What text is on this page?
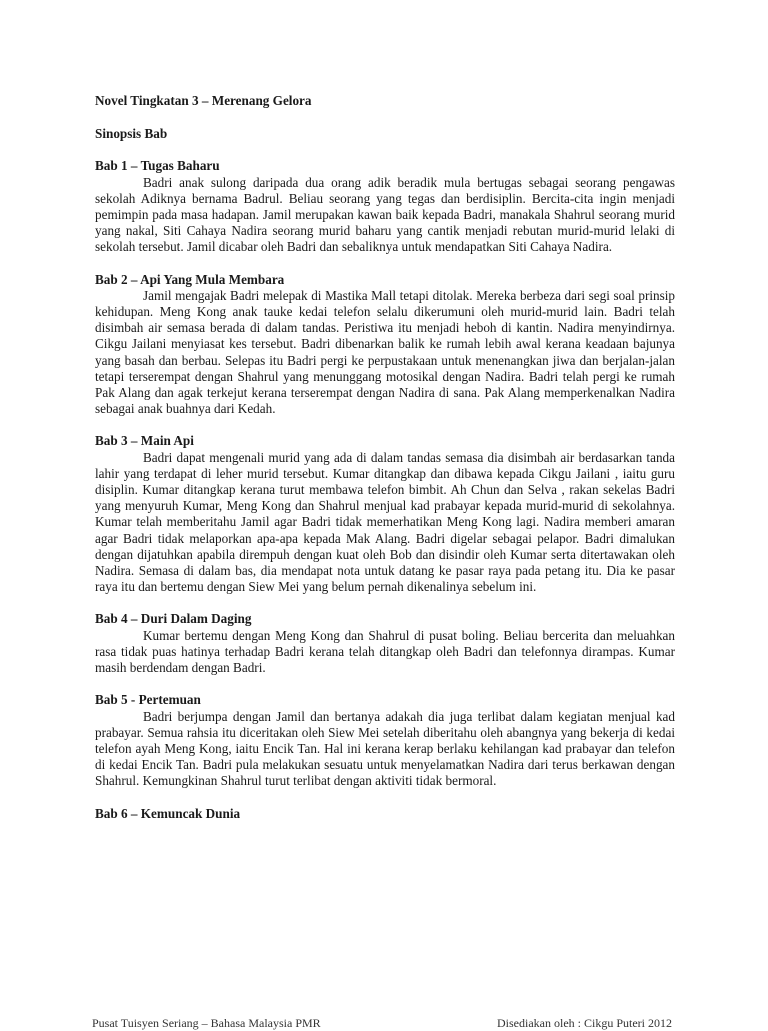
Novel Tingkatan 3 – Merenang Gelora

Sinopsis Bab

Bab 1 – Tugas Baharu

Badri anak sulong daripada dua orang adik beradik mula bertugas sebagai seorang pengawas sekolah Adiknya bernama Badrul. Beliau seorang yang tegas dan berdisiplin. Bercita-cita ingin menjadi pemimpin pada masa hadapan. Jamil merupakan kawan baik kepada Badri, manakala Shahrul seorang murid yang nakal, Siti Cahaya Nadira seorang murid baharu yang cantik menjadi rebutan murid-murid lelaki di sekolah tersebut. Jamil dicabar oleh Badri dan sebaliknya untuk mendapatkan Siti Cahaya Nadira.

Bab 2 – Api Yang Mula Membara

Jamil mengajak Badri melepak di Mastika Mall tetapi ditolak. Mereka berbeza dari segi soal prinsip kehidupan. Meng Kong anak tauke kedai telefon selalu dikerumuni oleh murid-murid lain. Badri telah disimbah air semasa berada di dalam tandas. Peristiwa itu menjadi heboh di kantin. Nadira menyindirnya. Cikgu Jailani menyiasat kes tersebut. Badri dibenarkan balik ke rumah lebih awal kerana keadaan bajunya yang basah dan berbau. Selepas itu Badri pergi ke perpustakaan untuk menenangkan jiwa dan berjalan-jalan tetapi terserempat dengan Shahrul yang menunggang motosikal dengan Nadira. Badri telah pergi ke rumah Pak Alang dan agak terkejut kerana terserempat dengan Nadira di sana. Pak Alang memperkenalkan Nadira sebagai anak buahnya dari Kedah.

Bab 3 – Main Api

Badri dapat mengenali murid yang ada di dalam tandas semasa dia disimbah air berdasarkan tanda lahir yang terdapat di leher murid tersebut. Kumar ditangkap dan dibawa kepada Cikgu Jailani , iaitu guru disiplin. Kumar ditangkap kerana turut membawa telefon bimbit. Ah Chun dan Selva , rakan sekelas Badri yang menyuruh Kumar, Meng Kong dan Shahrul menjual kad prabayar kepada murid-murid di sekolahnya. Kumar telah memberitahu Jamil agar Badri tidak memerhatikan Meng Kong lagi. Nadira memberi amaran agar Badri tidak melaporkan apa-apa kepada Mak Alang. Badri digelar sebagai pelapor. Badri dimalukan dengan dijatuhkan apabila dirempuh dengan kuat oleh Bob dan disindir oleh Kumar serta ditertawakan oleh Nadira. Semasa di dalam bas, dia mendapat nota untuk datang ke pasar raya pada petang itu. Dia ke pasar raya itu dan bertemu dengan Siew Mei yang belum pernah dikenalinya sebelum ini.

Bab 4 – Duri Dalam Daging

Kumar bertemu dengan Meng Kong dan Shahrul di pusat boling. Beliau bercerita dan meluahkan rasa tidak puas hatinya terhadap Badri kerana telah ditangkap oleh Badri dan telefonnya dirampas. Kumar masih berdendam dengan Badri.

Bab 5 - Pertemuan

Badri berjumpa dengan Jamil dan bertanya adakah dia juga terlibat dalam kegiatan menjual kad prabayar. Semua rahsia itu diceritakan oleh Siew Mei setelah diberitahu oleh abangnya yang bekerja di kedai telefon ayah Meng Kong, iaitu Encik Tan. Hal ini kerana kerap berlaku kehilangan kad prabayar dan telefon di kedai Encik Tan. Badri pula melakukan sesuatu untuk menyelamatkan Nadira dari terus berkawan dengan Shahrul. Kemungkinan Shahrul turut terlibat dengan aktiviti tidak bermoral.

Bab 6 – Kemuncak Dunia

Pusat Tuisyen Seriang – Bahasa Malaysia PMR	Disediakan oleh : Cikgu Puteri 2012
